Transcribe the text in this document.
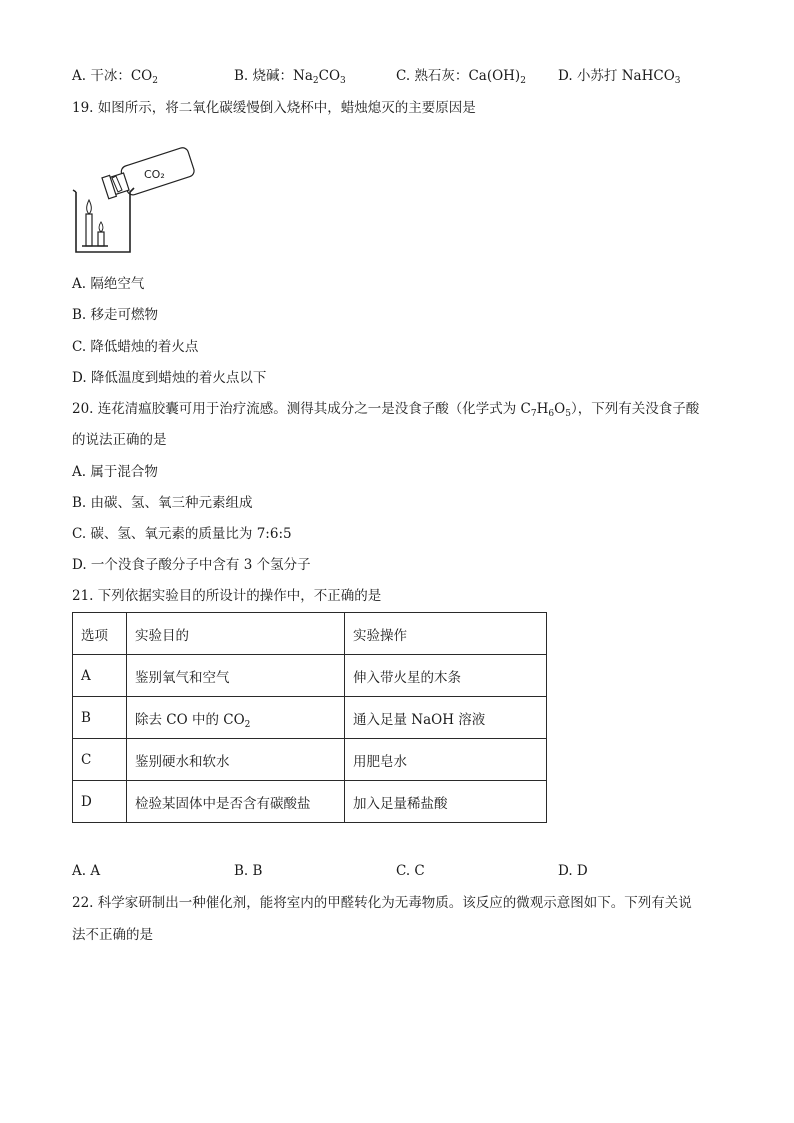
A. 干冰：$CO_2$	B. 烧碱：$Na_2CO_3$	C. 熟石灰：$Ca(OH)_2$ D. 小苏打 NaHCO$_3$
19. 如图所示，将二氧化碳缓慢倒入烧杯中，蜡烛熄灭的主要原因是
CO₂
A. 隔绝空气
B. 移走可燃物
C. 降低蜡烛的着火点
D. 降低温度到蜡烛的着火点以下
20. 连花清瘟胶囊可用于治疗流感。测得其成分之一是没食子酸（化学式为 $C_7H_6O_5$），下列有关没食子酸
的说法正确的是
A. 属于混合物
B. 由碳、氢、氧三种元素组成
C. 碳、氢、氧元素的质量比为 7:6:5
D. 一个没食子酸分子中含有 3 个氢分子
21. 下列依据实验目的所设计的操作中，不正确的是
选项	实验目的	实验操作
A	鉴别氧气和空气	伸入带火星的木条
B	除去 CO 中的 $CO_2$	通入足量 NaOH 溶液
C	鉴别硬水和软水	用肥皂水
D	检验某固体中是否含有碳酸盐	加入足量稀盐酸
A. A	B. B	C. C	D. D
22. 科学家研制出一种催化剂，能将室内的甲醛转化为无毒物质。该反应的微观示意图如下。下列有关说
法不正确的是
